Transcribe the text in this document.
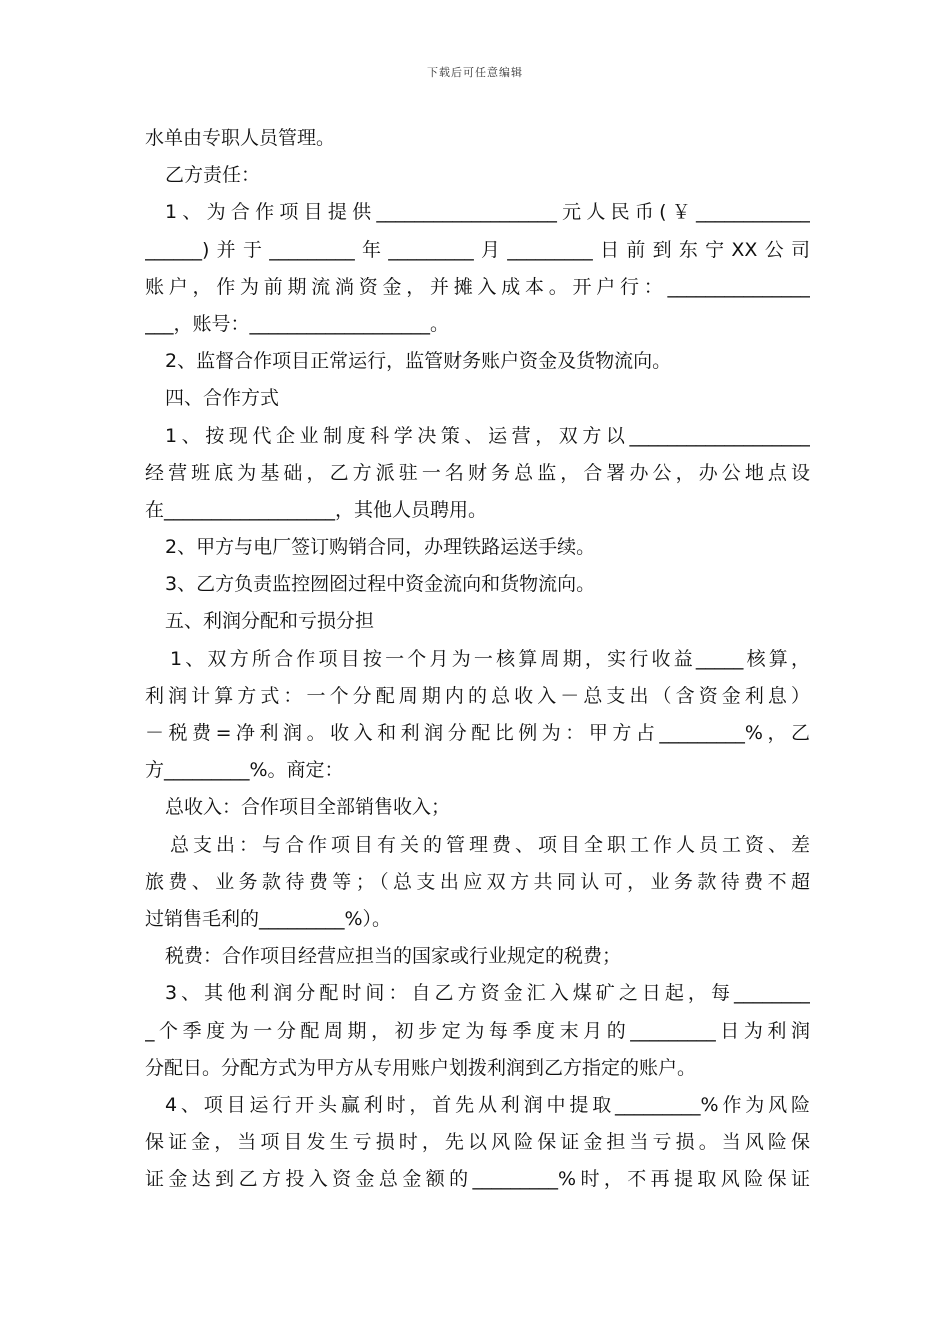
下载后可任意编辑
水单由专职人员管理。
乙方责任：
1、为合作项目提供___________________元人民币(￥____________
______)并于_________年_________月_________日前到东宁XX公司
账户，作为前期流淌资金，并摊入成本。开户行：_______________
___，账号：___________________。
2、监督合作项目正常运行，监管财务账户资金及货物流向。
四、合作方式
1、按现代企业制度科学决策、运营，双方以___________________
经营班底为基础，乙方派驻一名财务总监，合署办公，办公地点设
在__________________，其他人员聘用。
2、甲方与电厂签订购销合同，办理铁路运送手续。
3、乙方负责监控囫囵过程中资金流向和货物流向。
五、利润分配和亏损分担
1、双方所合作项目按一个月为一核算周期，实行收益_____核算，
利润计算方式：一个分配周期内的总收入－总支出（含资金利息）
－税费=净利润。收入和利润分配比例为：甲方占_________%，乙
方_________%。商定：
总收入：合作项目全部销售收入；
总支出：与合作项目有关的管理费、项目全职工作人员工资、差
旅费、业务款待费等；（总支出应双方共同认可，业务款待费不超
过销售毛利的_________%）。
税费：合作项目经营应担当的国家或行业规定的税费；
3、其他利润分配时间：自乙方资金汇入煤矿之日起，每________
_个季度为一分配周期，初步定为每季度末月的_________日为利润
分配日。分配方式为甲方从专用账户划拨利润到乙方指定的账户。
4、项目运行开头赢利时，首先从利润中提取_________%作为风险
保证金，当项目发生亏损时，先以风险保证金担当亏损。当风险保
证金达到乙方投入资金总金额的_________%时，不再提取风险保证
